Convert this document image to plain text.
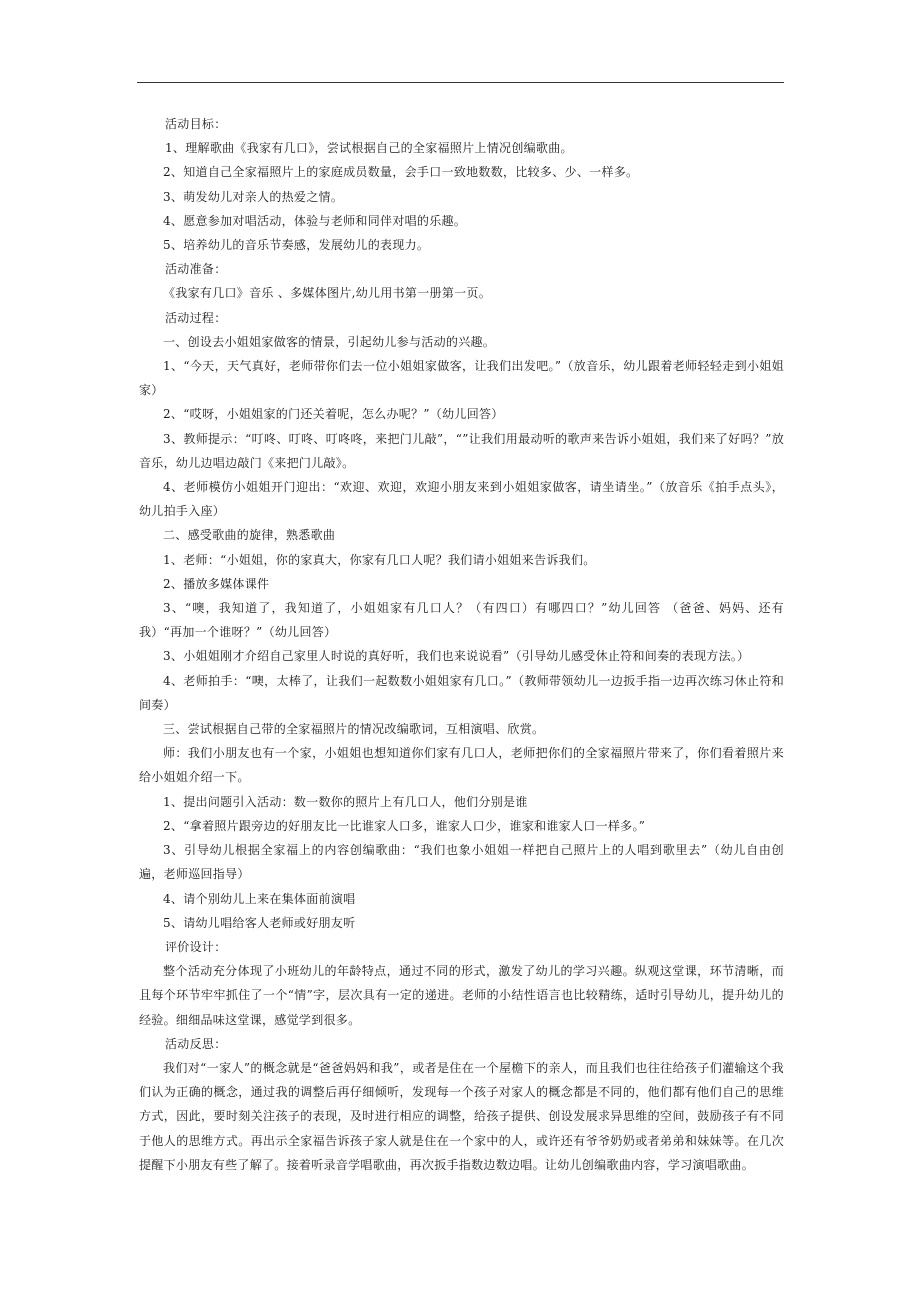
活动目标：

1、理解歌曲《我家有几口》，尝试根据自己的全家福照片上情况创编歌曲。

2、知道自己全家福照片上的家庭成员数量，会手口一致地数数，比较多、少、一样多。

3、萌发幼儿对亲人的热爱之情。

4、愿意参加对唱活动，体验与老师和同伴对唱的乐趣。

5、培养幼儿的音乐节奏感，发展幼儿的表现力。

活动准备：

《我家有几口》音乐 、多媒体图片,幼儿用书第一册第一页。

活动过程：

一、创设去小姐姐家做客的情景，引起幼儿参与活动的兴趣。

1、“今天，天气真好，老师带你们去一位小姐姐家做客，让我们出发吧。”（放音乐，幼儿跟着老师轻轻走到小姐姐家）

2、“哎呀，小姐姐家的门还关着呢，怎么办呢？”（幼儿回答）

3、教师提示：“叮咚、叮咚、叮咚咚，来把门儿敲”，“”让我们用最动听的歌声来告诉小姐姐，我们来了好吗？”放音乐，幼儿边唱边敲门《来把门儿敲》。

4、老师模仿小姐姐开门迎出：“欢迎、欢迎，欢迎小朋友来到小姐姐家做客，请坐请坐。”（放音乐《拍手点头》，幼儿拍手入座）

二、感受歌曲的旋律，熟悉歌曲

1、老师：“小姐姐，你的家真大，你家有几口人呢？我们请小姐姐来告诉我们。

2、播放多媒体课件

3、“噢，我知道了，我知道了，小姐姐家有几口人？（有四口）有哪四口？”幼儿回答 （爸爸、妈妈、还有我）“再加一个谁呀？”（幼儿回答）

3、小姐姐刚才介绍自己家里人时说的真好听，我们也来说说看”（引导幼儿感受休止符和间奏的表现方法。）

4、老师拍手：“噢，太棒了，让我们一起数数小姐姐家有几口。”（教师带领幼儿一边扳手指一边再次练习休止符和间奏）

三、尝试根据自己带的全家福照片的情况改编歌词，互相演唱、欣赏。

师：我们小朋友也有一个家，小姐姐也想知道你们家有几口人，老师把你们的全家福照片带来了，你们看着照片来给小姐姐介绍一下。

1、提出问题引入活动：数一数你的照片上有几口人，他们分别是谁

2、“拿着照片跟旁边的好朋友比一比谁家人口多，谁家人口少，谁家和谁家人口一样多。”

3、引导幼儿根据全家福上的内容创编歌曲：“我们也象小姐姐一样把自己照片上的人唱到歌里去”（幼儿自由创遍，老师巡回指导）

4、请个别幼儿上来在集体面前演唱

5、请幼儿唱给客人老师或好朋友听

评价设计：

整个活动充分体现了小班幼儿的年龄特点，通过不同的形式，激发了幼儿的学习兴趣。纵观这堂课，环节清晰，而且每个环节牢牢抓住了一个“情”字，层次具有一定的递进。老师的小结性语言也比较精练，适时引导幼儿，提升幼儿的经验。细细品味这堂课，感觉学到很多。

活动反思：

我们对“一家人”的概念就是“爸爸妈妈和我”，或者是住在一个屋檐下的亲人，而且我们也往往给孩子们灌输这个我们认为正确的概念，通过我的调整后再仔细倾听，发现每一个孩子对家人的概念都是不同的，他们都有他们自己的思维方式，因此，要时刻关注孩子的表现，及时进行相应的调整，给孩子提供、创设发展求异思维的空间，鼓励孩子有不同于他人的思维方式。再出示全家福告诉孩子家人就是住在一个家中的人，或许还有爷爷奶奶或者弟弟和妹妹等。在几次提醒下小朋友有些了解了。接着听录音学唱歌曲，再次扳手指数边数边唱。让幼儿创编歌曲内容，学习演唱歌曲。
